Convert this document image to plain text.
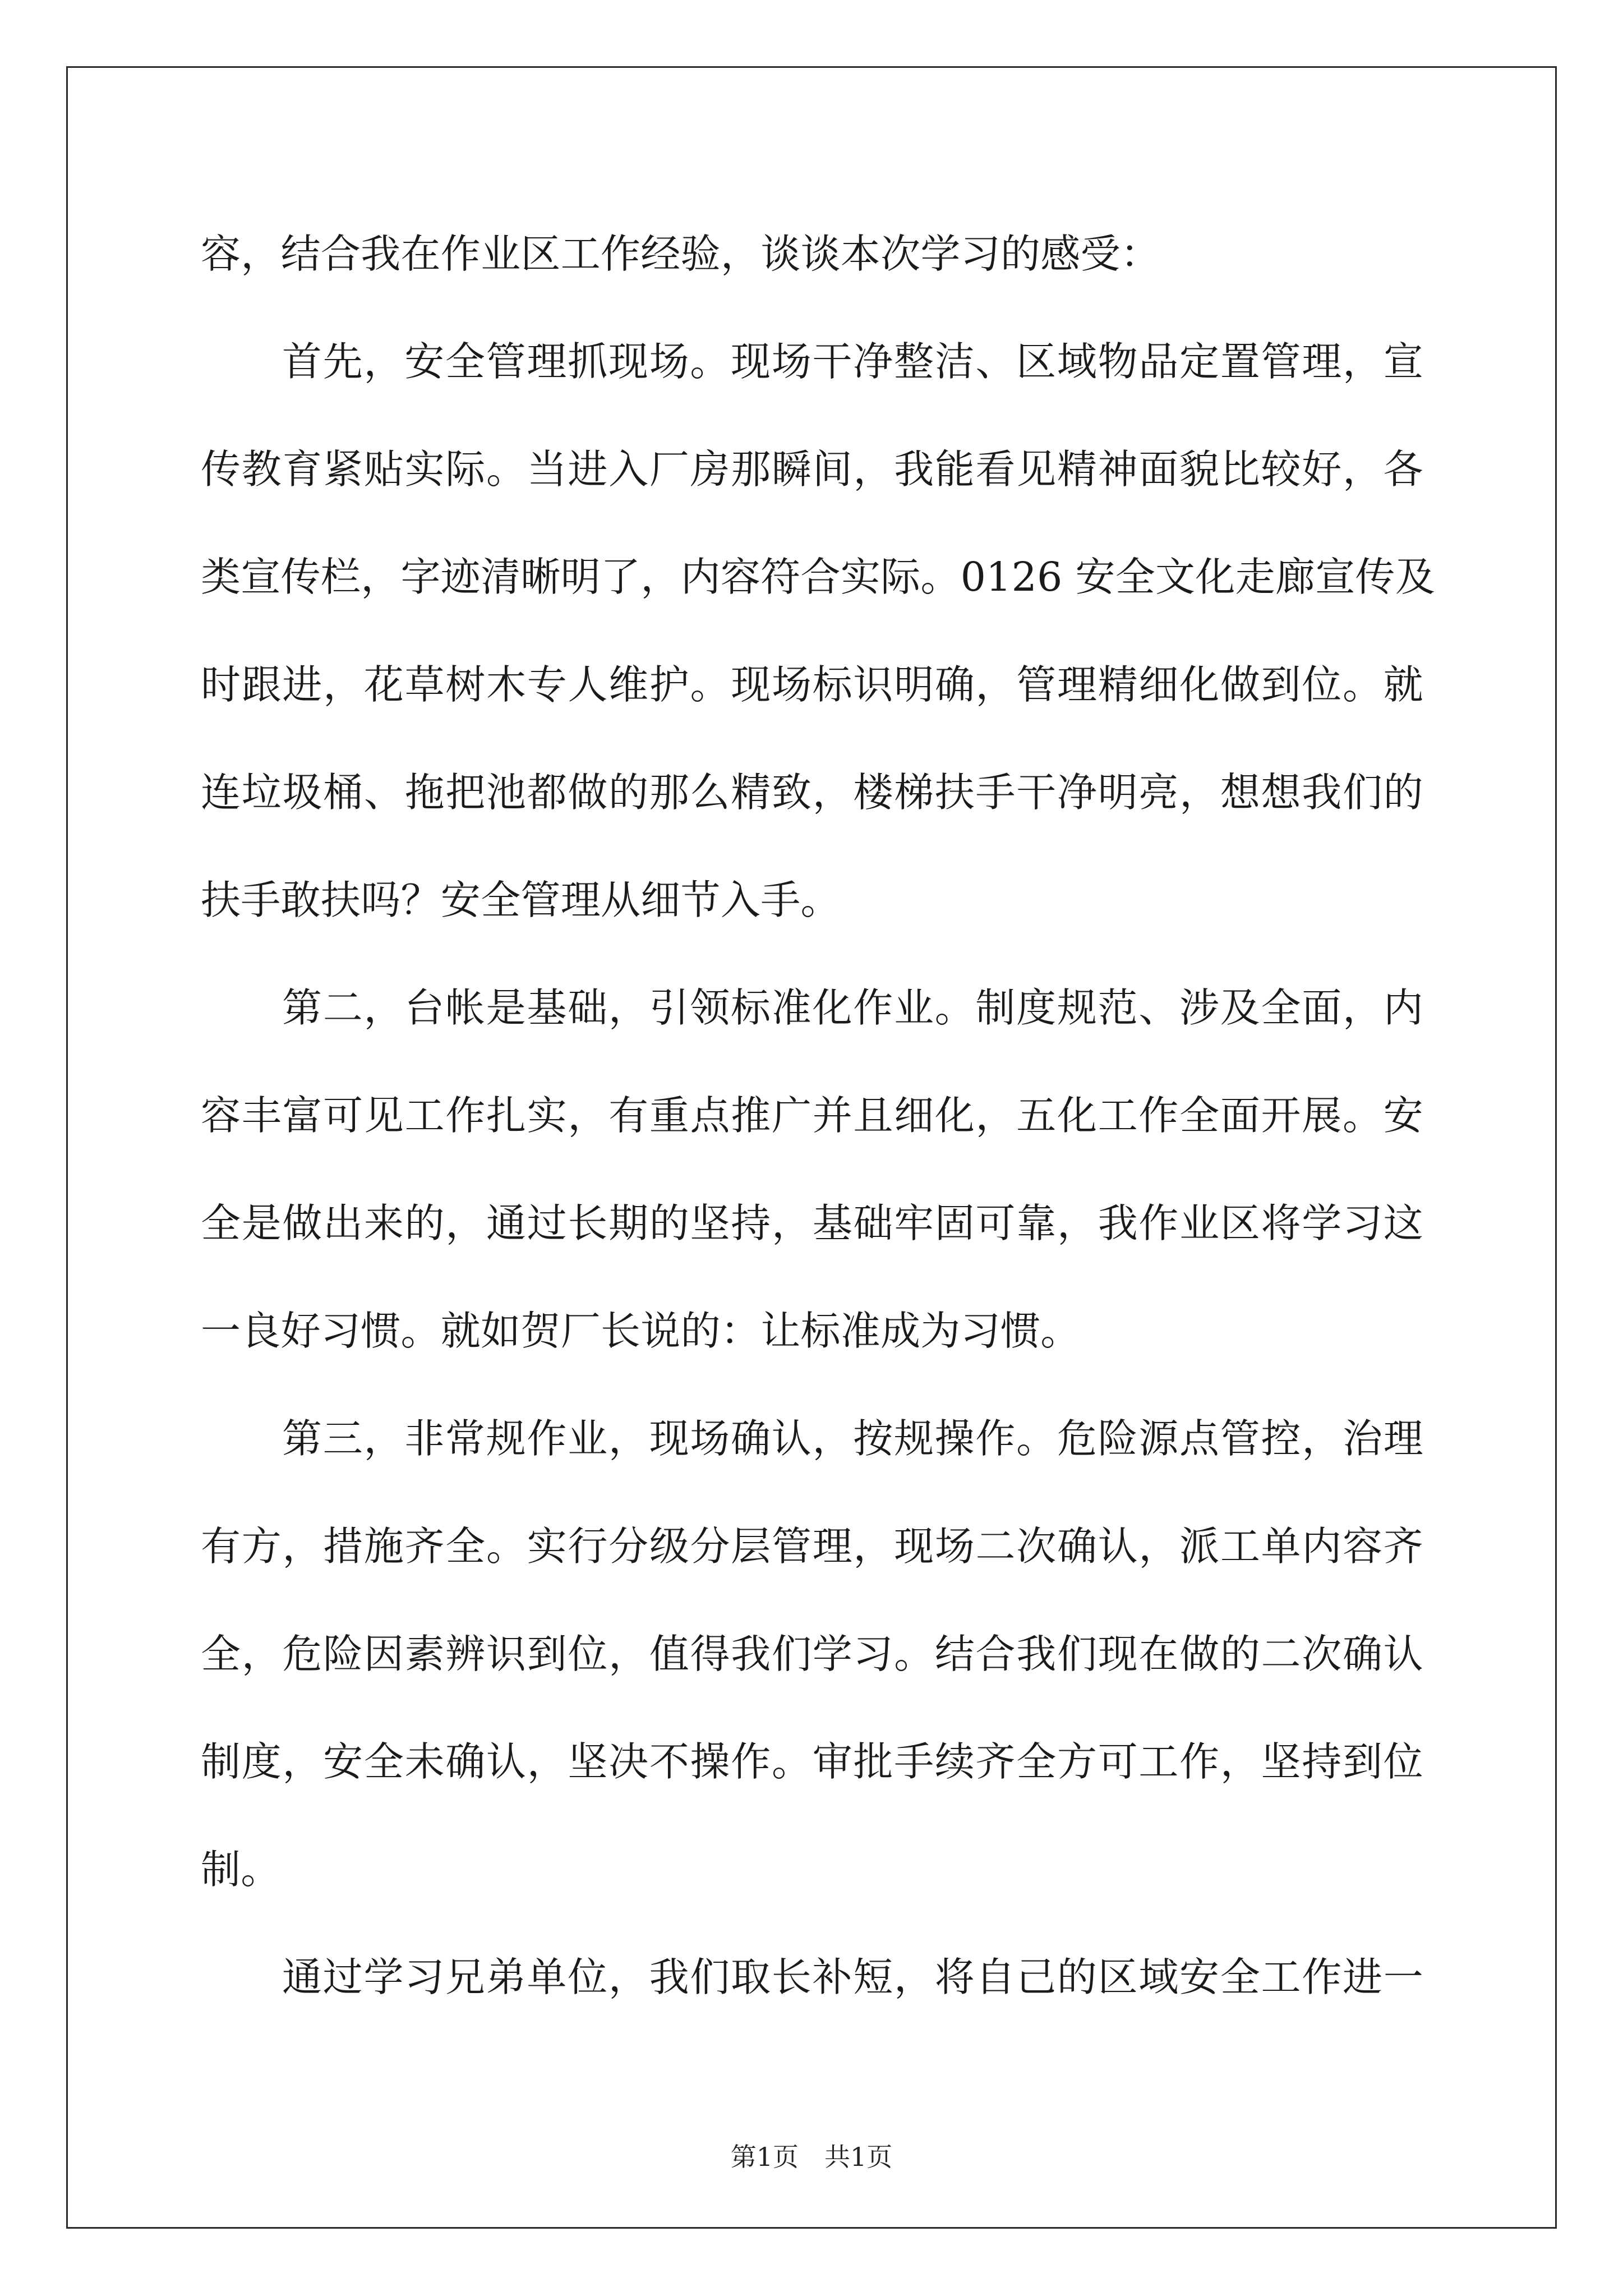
容，结合我在作业区工作经验，谈谈本次学习的感受：
首先，安全管理抓现场。现场干净整洁、区域物品定置管理，宣
传教育紧贴实际。当进入厂房那瞬间，我能看见精神面貌比较好，各
类宣传栏，字迹清晰明了，内容符合实际。0126 安全文化走廊宣传及
时跟进，花草树木专人维护。现场标识明确，管理精细化做到位。就
连垃圾桶、拖把池都做的那么精致，楼梯扶手干净明亮，想想我们的
扶手敢扶吗？安全管理从细节入手。
第二，台帐是基础，引领标准化作业。制度规范、涉及全面，内
容丰富可见工作扎实，有重点推广并且细化，五化工作全面开展。安
全是做出来的，通过长期的坚持，基础牢固可靠，我作业区将学习这
一良好习惯。就如贺厂长说的：让标准成为习惯。
第三，非常规作业，现场确认，按规操作。危险源点管控，治理
有方，措施齐全。实行分级分层管理，现场二次确认，派工单内容齐
全，危险因素辨识到位，值得我们学习。结合我们现在做的二次确认
制度，安全未确认，坚决不操作。审批手续齐全方可工作，坚持到位
制。
通过学习兄弟单位，我们取长补短，将自己的区域安全工作进一
第1页　共1页
